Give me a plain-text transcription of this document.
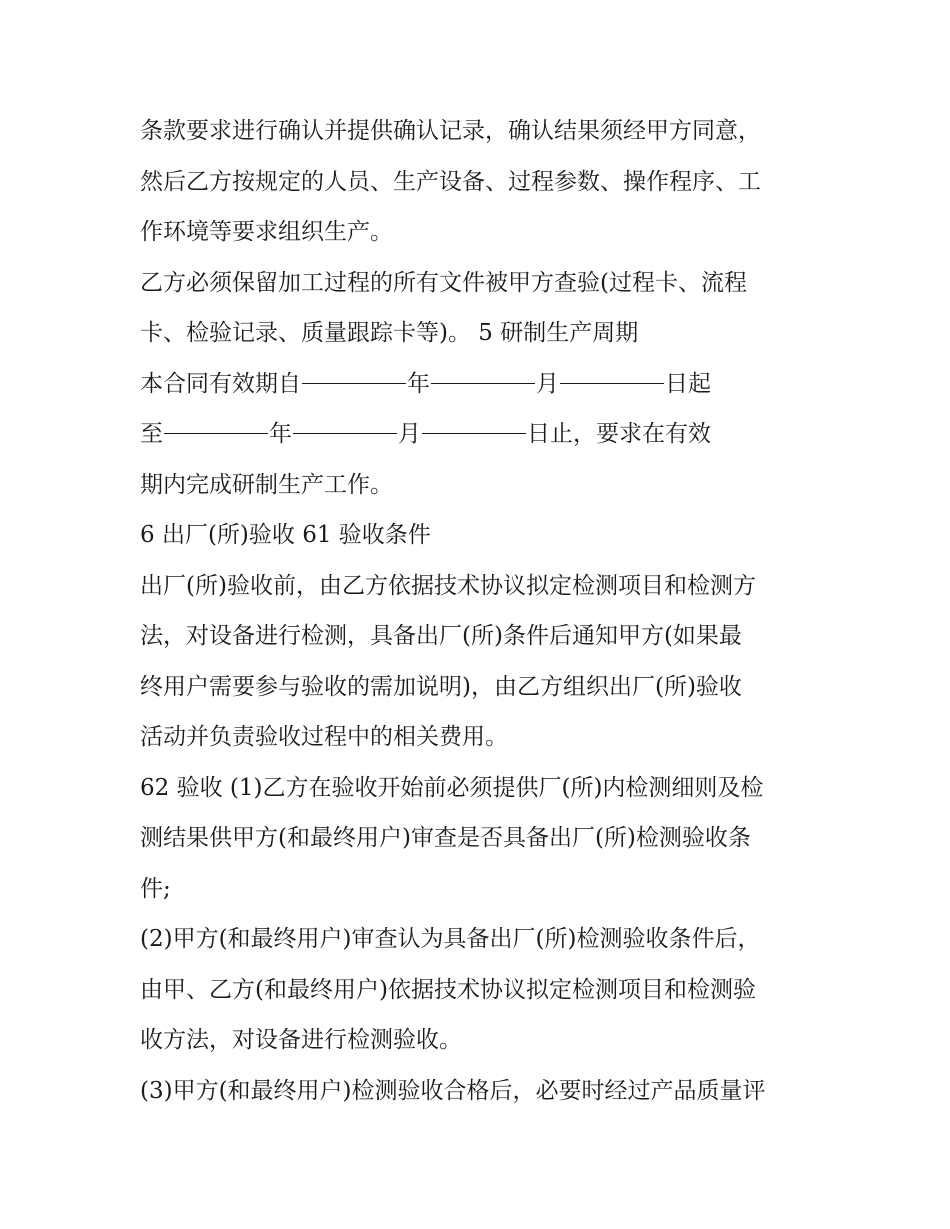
条款要求进行确认并提供确认记录，确认结果须经甲方同意，
然后乙方按规定的人员、生产设备、过程参数、操作程序、工
作环境等要求组织生产。
乙方必须保留加工过程的所有文件被甲方查验(过程卡、流程
卡、检验记录、质量跟踪卡等)。 5 研制生产周期
本合同有效期自	年	月	日起
至	年	月	日止，要求在有效
期内完成研制生产工作。
6 出厂(所)验收 61 验收条件
出厂(所)验收前，由乙方依据技术协议拟定检测项目和检测方
法，对设备进行检测，具备出厂(所)条件后通知甲方(如果最
终用户需要参与验收的需加说明)，由乙方组织出厂(所)验收
活动并负责验收过程中的相关费用。
62 验收 (1)乙方在验收开始前必须提供厂(所)内检测细则及检
测结果供甲方(和最终用户)审查是否具备出厂(所)检测验收条
件;
(2)甲方(和最终用户)审查认为具备出厂(所)检测验收条件后，
由甲、乙方(和最终用户)依据技术协议拟定检测项目和检测验
收方法，对设备进行检测验收。
(3)甲方(和最终用户)检测验收合格后，必要时经过产品质量评
